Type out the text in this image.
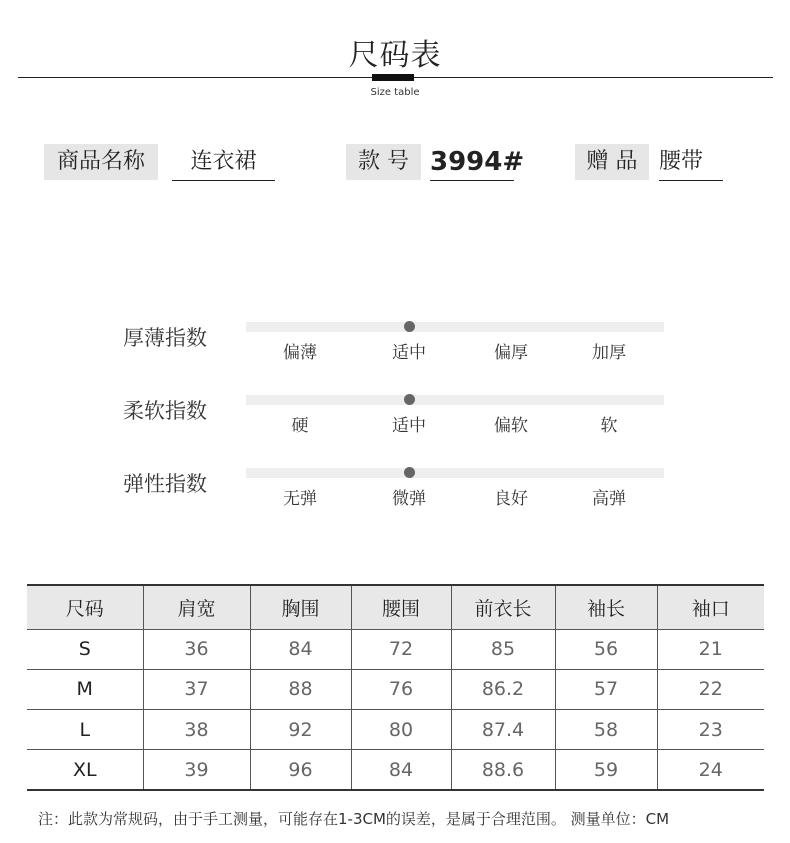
尺码表
Size table
商品名称	连衣裙	款 号 3994#	赠 品 腰带
厚薄指数
偏薄	适中	偏厚	加厚
柔软指数
硬	适中	偏软	软
弹性指数
无弹	微弹	良好	高弹
尺码	肩宽	胸围	腰围	前衣长	袖长	袖口
S	36	84	72	85	56	21
M	37	88	76	86.2	57	22
L	38	92	80	87.4	58	23
XL	39	96	84	88.6	59	24
注：此款为常规码，由于手工测量，可能存在1-3CM的误差，是属于合理范围。 测量单位：CM
